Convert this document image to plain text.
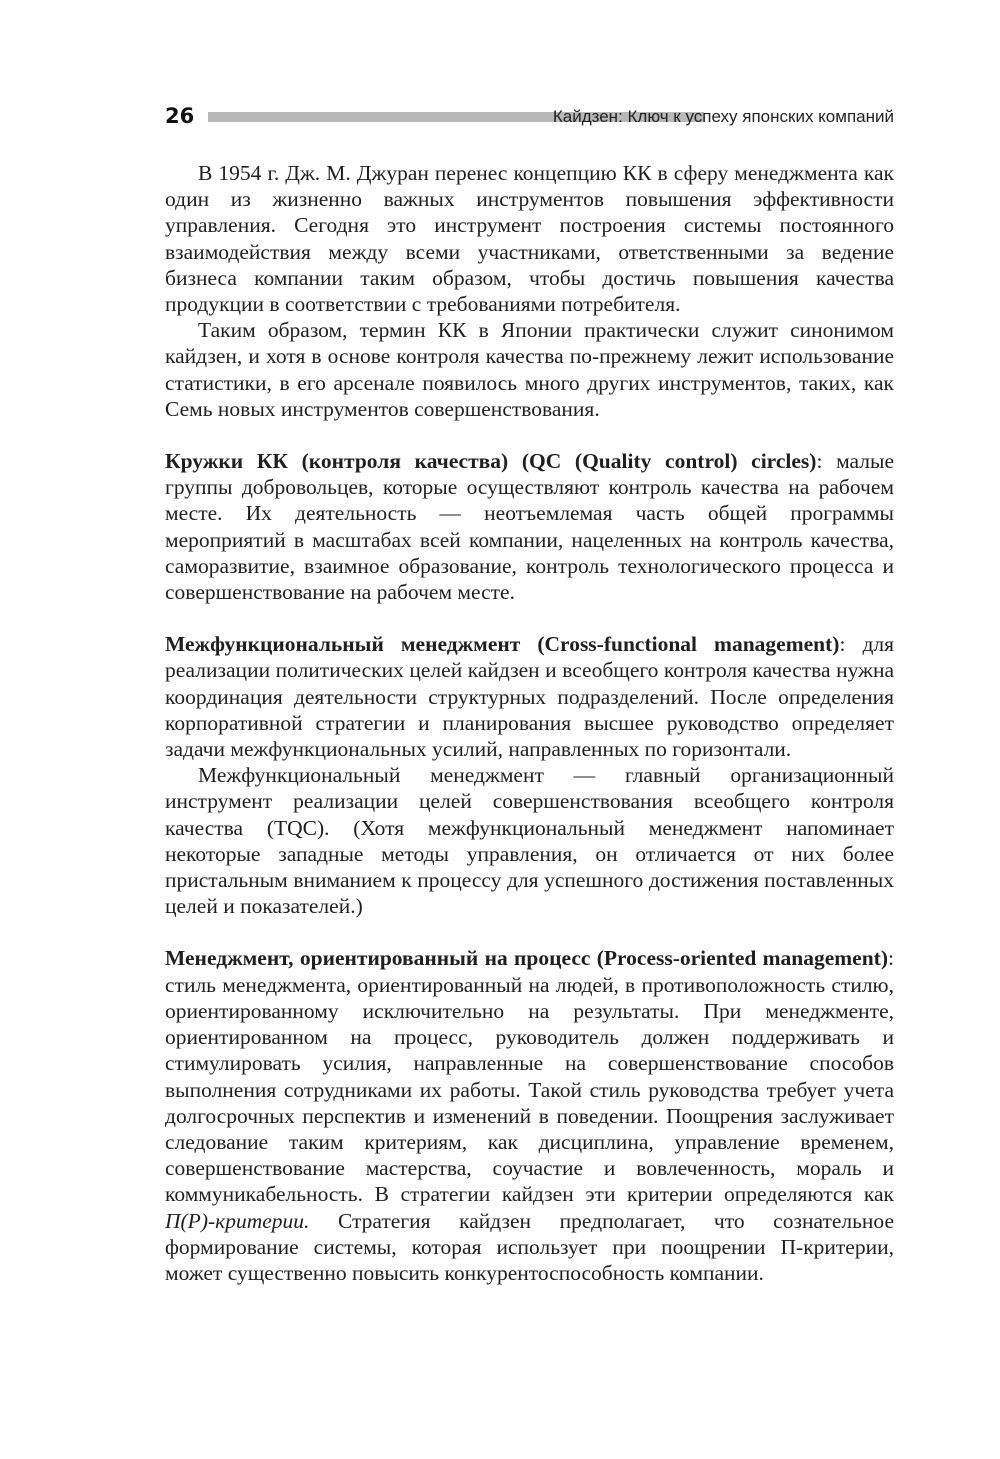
26	Кайдзен: Ключ к успеху японских компаний

В 1954 г. Дж. М. Джуран перенес концепцию КК в сферу менеджмента как один из жизненно важных инструментов повышения эффективности управления. Сегодня это инструмент построения системы постоянного взаимодействия между всеми участниками, ответственными за ведение бизнеса компании таким образом, чтобы достичь повышения качества продукции в соответствии с требованиями потребителя.

Таким образом, термин КК в Японии практически служит синонимом кайдзен, и хотя в основе контроля качества по-прежнему лежит использование статистики, в его арсенале появилось много других инструментов, таких, как Семь новых инструментов совершенствования.

Кружки КК (контроля качества) (QC (Quality control) circles): малые группы добровольцев, которые осуществляют контроль качества на рабочем месте. Их деятельность — неотъемлемая часть общей программы мероприятий в масштабах всей компании, нацеленных на контроль качества, саморазвитие, взаимное образование, контроль технологического процесса и совершенствование на рабочем месте.

Межфункциональный менеджмент (Cross-functional management): для реализации политических целей кайдзен и всеобщего контроля качества нужна координация деятельности структурных подразделений. После определения корпоративной стратегии и планирования высшее руководство определяет задачи межфункциональных усилий, направленных по горизонтали.

Межфункциональный менеджмент — главный организационный инструмент реализации целей совершенствования всеобщего контроля качества (TQC). (Хотя межфункциональный менеджмент напоминает некоторые западные методы управления, он отличается от них более пристальным вниманием к процессу для успешного достижения поставленных целей и показателей.)

Менеджмент, ориентированный на процесс (Process-oriented management): стиль менеджмента, ориентированный на людей, в противоположность стилю, ориентированному исключительно на результаты. При менеджменте, ориентированном на процесс, руководитель должен поддерживать и стимулировать усилия, направленные на совершенствование способов выполнения сотрудниками их работы. Такой стиль руководства требует учета долгосрочных перспектив и изменений в поведении. Поощрения заслуживает следование таким критериям, как дисциплина, управление временем, совершенствование мастерства, соучастие и вовлеченность, мораль и коммуникабельность. В стратегии кайдзен эти критерии определяются как П(Р)-критерии. Стратегия кайдзен предполагает, что сознательное формирование системы, которая использует при поощрении П-критерии, может существенно повысить конкурентоспособность компании.
